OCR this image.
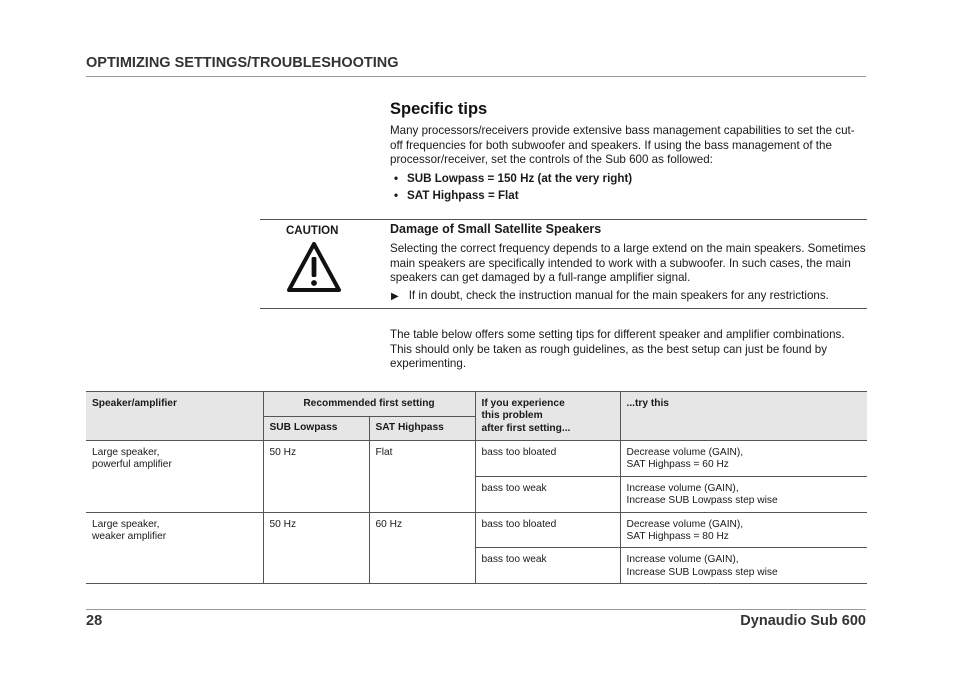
OPTIMIZING SETTINGS/TROUBLESHOOTING
Specific tips
Many processors/receivers provide extensive bass management capabilities to set the cut-off frequencies for both subwoofer and speakers. If using the bass management of the processor/receiver, set the controls of the Sub 600 as followed:
• SUB Lowpass = 150 Hz (at the very right)
• SAT Highpass = Flat
CAUTION	Damage of Small Satellite Speakers
Selecting the correct frequency depends to a large extend on the main speakers. Sometimes main speakers are specifically intended to work with a subwoofer. In such cases, the main speakers can get damaged by a full-range amplifier signal.
▶ If in doubt, check the instruction manual for the main speakers for any restrictions.
The table below offers some setting tips for different speaker and amplifier combinations. This should only be taken as rough guidelines, as the best setup can just be found by experimenting.
Speaker/amplifier	Recommended first setting		If you experience
this problem
after first setting...	...try this
	SUB Lowpass	SAT Highpass		
Large speaker,
powerful amplifier	50 Hz	Flat	bass too bloated	Decrease volume (GAIN),
SAT Highpass = 60 Hz
			bass too weak	Increase volume (GAIN),
Increase SUB Lowpass step wise
Large speaker,
weaker amplifier	50 Hz	60 Hz	bass too bloated	Decrease volume (GAIN),
SAT Highpass = 80 Hz
			bass too weak	Increase volume (GAIN),
Increase SUB Lowpass step wise
28	Dynaudio Sub 600
